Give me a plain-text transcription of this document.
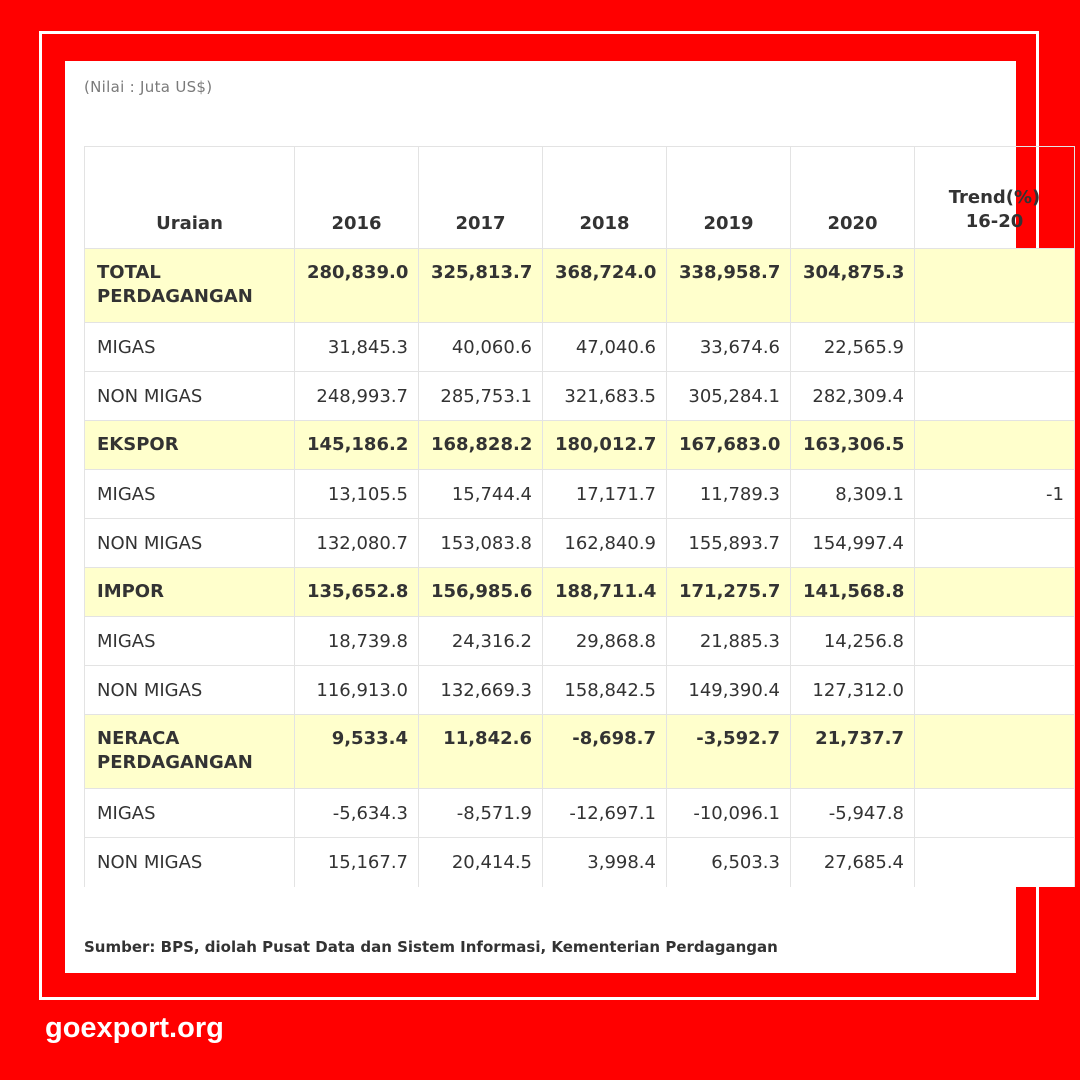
(Nilai : Juta US$)
Uraian	2016	2017	2018	2019	2020	Trend(%)
16-20
TOTAL PERDAGANGAN	280,839.0	325,813.7	368,724.0	338,958.7	304,875.3	
MIGAS	31,845.3	40,060.6	47,040.6	33,674.6	22,565.9	
NON MIGAS	248,993.7	285,753.1	321,683.5	305,284.1	282,309.4	
EKSPOR	145,186.2	168,828.2	180,012.7	167,683.0	163,306.5	
MIGAS	13,105.5	15,744.4	17,171.7	11,789.3	8,309.1	-1
NON MIGAS	132,080.7	153,083.8	162,840.9	155,893.7	154,997.4	
IMPOR	135,652.8	156,985.6	188,711.4	171,275.7	141,568.8	
MIGAS	18,739.8	24,316.2	29,868.8	21,885.3	14,256.8	
NON MIGAS	116,913.0	132,669.3	158,842.5	149,390.4	127,312.0	
NERACA PERDAGANGAN	9,533.4	11,842.6	-8,698.7	-3,592.7	21,737.7	
MIGAS	-5,634.3	-8,571.9	-12,697.1	-10,096.1	-5,947.8	
NON MIGAS	15,167.7	20,414.5	3,998.4	6,503.3	27,685.4	
Sumber: BPS, diolah Pusat Data dan Sistem Informasi, Kementerian Perdagangan
goexport.org
